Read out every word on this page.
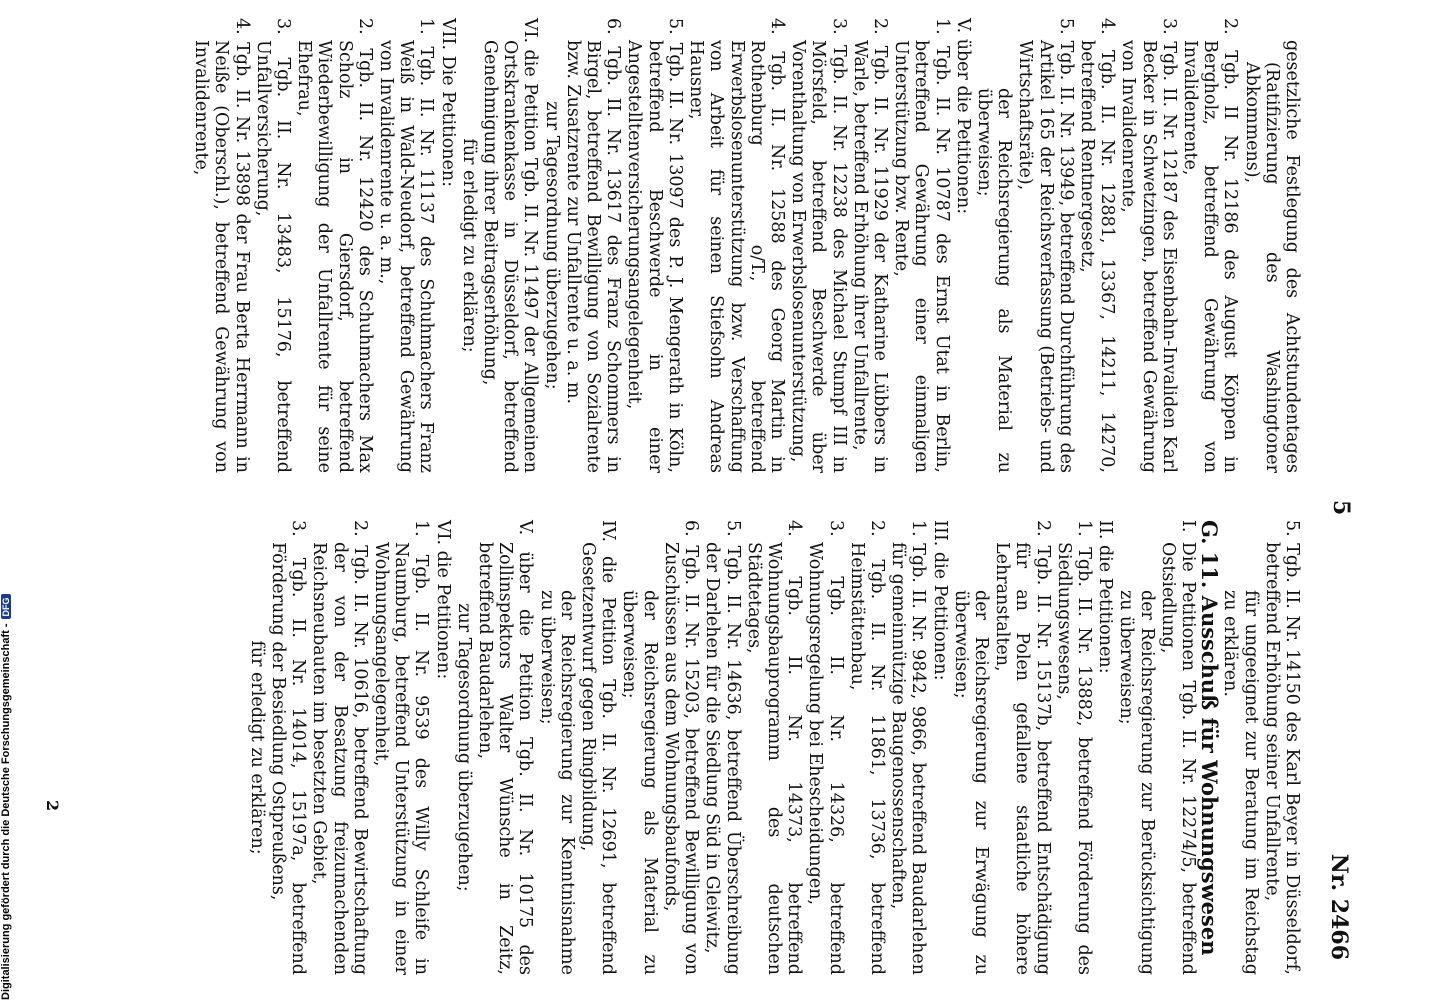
5
Nr. 2466

gesetzliche Festlegung des Achtstundentages (Ratifizierung des Washingtoner Abkommens),

2. Tgb. II Nr. 12186 des August Köppen in Bergholz, betreffend Gewährung von Invalidenrente,

3. Tgb. II. Nr. 12187 des Eisenbahn-Invaliden Karl Becker in Schwetzingen, betreffend Gewährung von Invalidenrente,

4. Tgb. II. Nr. 12881, 13367, 14211, 14270, betreffend Rentnergesetz,

5. Tgb. II. Nr. 13949, betreffend Durchführung des Artikel 165 der Reichsverfassung (Betriebs- und Wirtschaftsräte),

der Reichsregierung als Material zu überweisen;

V. über die Petitionen:

1. Tgb. II. Nr. 10787 des Ernst Utat in Berlin, betreffend Gewährung einer einmaligen Unterstützung bzw. Rente,

2. Tgb. II. Nr. 11929 der Katharine Lübbers in Warle, betreffend Erhöhung ihrer Unfallrente,

3. Tgb. II. Nr. 12238 des Michael Stumpf III in Mörsfeld, betreffend Beschwerde über Vorenthaltung von Erwerbslosenunterstützung,

4. Tgb. II. Nr. 12588 des Georg Martin in Rothenburg o/T., betreffend Erwerbslosenunterstützung bzw. Verschaffung von Arbeit für seinen Stiefsohn Andreas Hausner,

5. Tgb. II. Nr. 13097 des P. J. Mengerath in Köln, betreffend Beschwerde in einer Angestelltenversicherungsangelegenheit,

6. Tgb. II. Nr. 13617 des Franz Schommers in Birgel, betreffend Bewilligung von Sozialrente bzw. Zusatzrente zur Unfallrente u. a. m.

zur Tagesordnung überzugehen;

VI. die Petition Tgb. II. Nr. 11497 der Allgemeinen Ortskrankenkasse in Düsseldorf, betreffend Genehmigung ihrer Beitragserhöhung,

für erledigt zu erklären;

VII. Die Petitionen:

1. Tgb. II. Nr. 11137 des Schuhmachers Franz Weiß in Wald-Neudorf, betreffend Gewährung von Invalidenrente u. a. m.,

2. Tgb. II. Nr. 12420 des Schuhmachers Max Scholz in Giersdorf, betreffend Wiederbewilligung der Unfallrente für seine Ehefrau,

3. Tgb. II. Nr. 13483, 15176, betreffend Unfallversicherung,

4. Tgb. II. Nr. 13898 der Frau Berta Herrmann in Neiße (Oberschl.), betreffend Gewährung von Invalidenrente,

5. Tgb. II. Nr. 14150 des Karl Beyer in Düsseldorf, betreffend Erhöhung seiner Unfallrente,

für ungeeignet zur Beratung im Reichstag zu erklären.

G. 11. Ausschuß für Wohnungswesen

I. Die Petitionen Tgb. II. Nr. 12274/5, betreffend Ostsiedlung,

der Reichsregierung zur Berücksichtigung zu überweisen;

II. die Petitionen:

1. Tgb. II. Nr. 13882, betreffend Förderung des Siedlungswesens,

2. Tgb. II. Nr. 15137b, betreffend Entschädigung für an Polen gefallene staatliche höhere Lehranstalten,

der Reichsregierung zur Erwägung zu überweisen;

III. die Petitionen:

1. Tgb. II. Nr. 9842, 9866, betreffend Baudarlehen für gemeinnützige Baugenossenschaften,

2. Tgb. II. Nr. 11861, 13736, betreffend Heimstättenbau,

3. Tgb. II. Nr. 14326, betreffend Wohnungsregelung bei Ehescheidungen,

4. Tgb. II. Nr. 14373, betreffend Wohnungsbauprogramm des deutschen Städtetages,

5. Tgb. II. Nr. 14636, betreffend Überschreibung der Darlehen für die Siedlung Süd in Gleiwitz,

6. Tgb. II. Nr. 15203, betreffend Bewilligung von Zuschüssen aus dem Wohnungsbaufonds,

der Reichsregierung als Material zu überweisen;

IV. die Petition Tgb. II. Nr. 12691, betreffend Gesetzentwurf gegen Ringbildung,

der Reichsregierung zur Kenntnisnahme zu überweisen;

V. über die Petition Tgb. II. Nr. 10175 des Zollinspektors Walter Wünsche in Zeitz, betreffend Baudarlehen,

zur Tagesordnung überzugehen;

VI. die Petitionen:

1. Tgb. II. Nr. 9539 des Willy Schleife in Naumburg, betreffend Unterstützung in einer Wohnungsangelegenheit,

2. Tgb. II. Nr. 10616, betreffend Bewirtschaftung der von der Besatzung freizumachenden Reichsneubauten im besetzten Gebiet,

3. Tgb. II. Nr. 14014, 15197a, betreffend Förderung der Besiedlung Ostpreußens,

für erledigt zu erklären;

2
Digitalisierung gefördert durch die Deutsche Forschungsgemeinschaft -DFG
